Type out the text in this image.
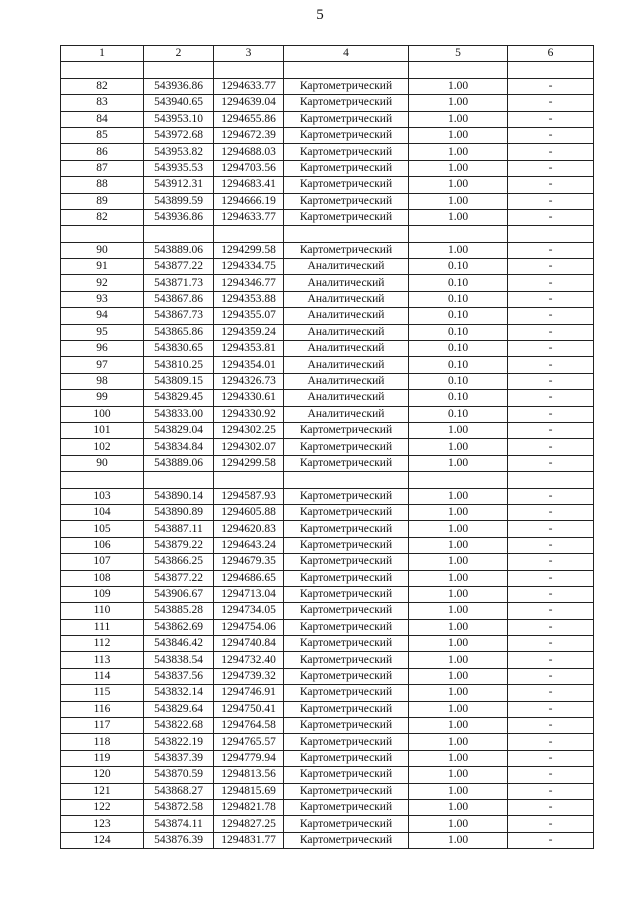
5
1	2	3	4	5	6

82	543936.86	1294633.77	Картометрический	1.00	-
83	543940.65	1294639.04	Картометрический	1.00	-
84	543953.10	1294655.86	Картометрический	1.00	-
85	543972.68	1294672.39	Картометрический	1.00	-
86	543953.82	1294688.03	Картометрический	1.00	-
87	543935.53	1294703.56	Картометрический	1.00	-
88	543912.31	1294683.41	Картометрический	1.00	-
89	543899.59	1294666.19	Картометрический	1.00	-
82	543936.86	1294633.77	Картометрический	1.00	-

90	543889.06	1294299.58	Картометрический	1.00	-
91	543877.22	1294334.75	Аналитический	0.10	-
92	543871.73	1294346.77	Аналитический	0.10	-
93	543867.86	1294353.88	Аналитический	0.10	-
94	543867.73	1294355.07	Аналитический	0.10	-
95	543865.86	1294359.24	Аналитический	0.10	-
96	543830.65	1294353.81	Аналитический	0.10	-
97	543810.25	1294354.01	Аналитический	0.10	-
98	543809.15	1294326.73	Аналитический	0.10	-
99	543829.45	1294330.61	Аналитический	0.10	-
100	543833.00	1294330.92	Аналитический	0.10	-
101	543829.04	1294302.25	Картометрический	1.00	-
102	543834.84	1294302.07	Картометрический	1.00	-
90	543889.06	1294299.58	Картометрический	1.00	-

103	543890.14	1294587.93	Картометрический	1.00	-
104	543890.89	1294605.88	Картометрический	1.00	-
105	543887.11	1294620.83	Картометрический	1.00	-
106	543879.22	1294643.24	Картометрический	1.00	-
107	543866.25	1294679.35	Картометрический	1.00	-
108	543877.22	1294686.65	Картометрический	1.00	-
109	543906.67	1294713.04	Картометрический	1.00	-
110	543885.28	1294734.05	Картометрический	1.00	-
111	543862.69	1294754.06	Картометрический	1.00	-
112	543846.42	1294740.84	Картометрический	1.00	-
113	543838.54	1294732.40	Картометрический	1.00	-
114	543837.56	1294739.32	Картометрический	1.00	-
115	543832.14	1294746.91	Картометрический	1.00	-
116	543829.64	1294750.41	Картометрический	1.00	-
117	543822.68	1294764.58	Картометрический	1.00	-
118	543822.19	1294765.57	Картометрический	1.00	-
119	543837.39	1294779.94	Картометрический	1.00	-
120	543870.59	1294813.56	Картометрический	1.00	-
121	543868.27	1294815.69	Картометрический	1.00	-
122	543872.58	1294821.78	Картометрический	1.00	-
123	543874.11	1294827.25	Картометрический	1.00	-
124	543876.39	1294831.77	Картометрический	1.00	-
